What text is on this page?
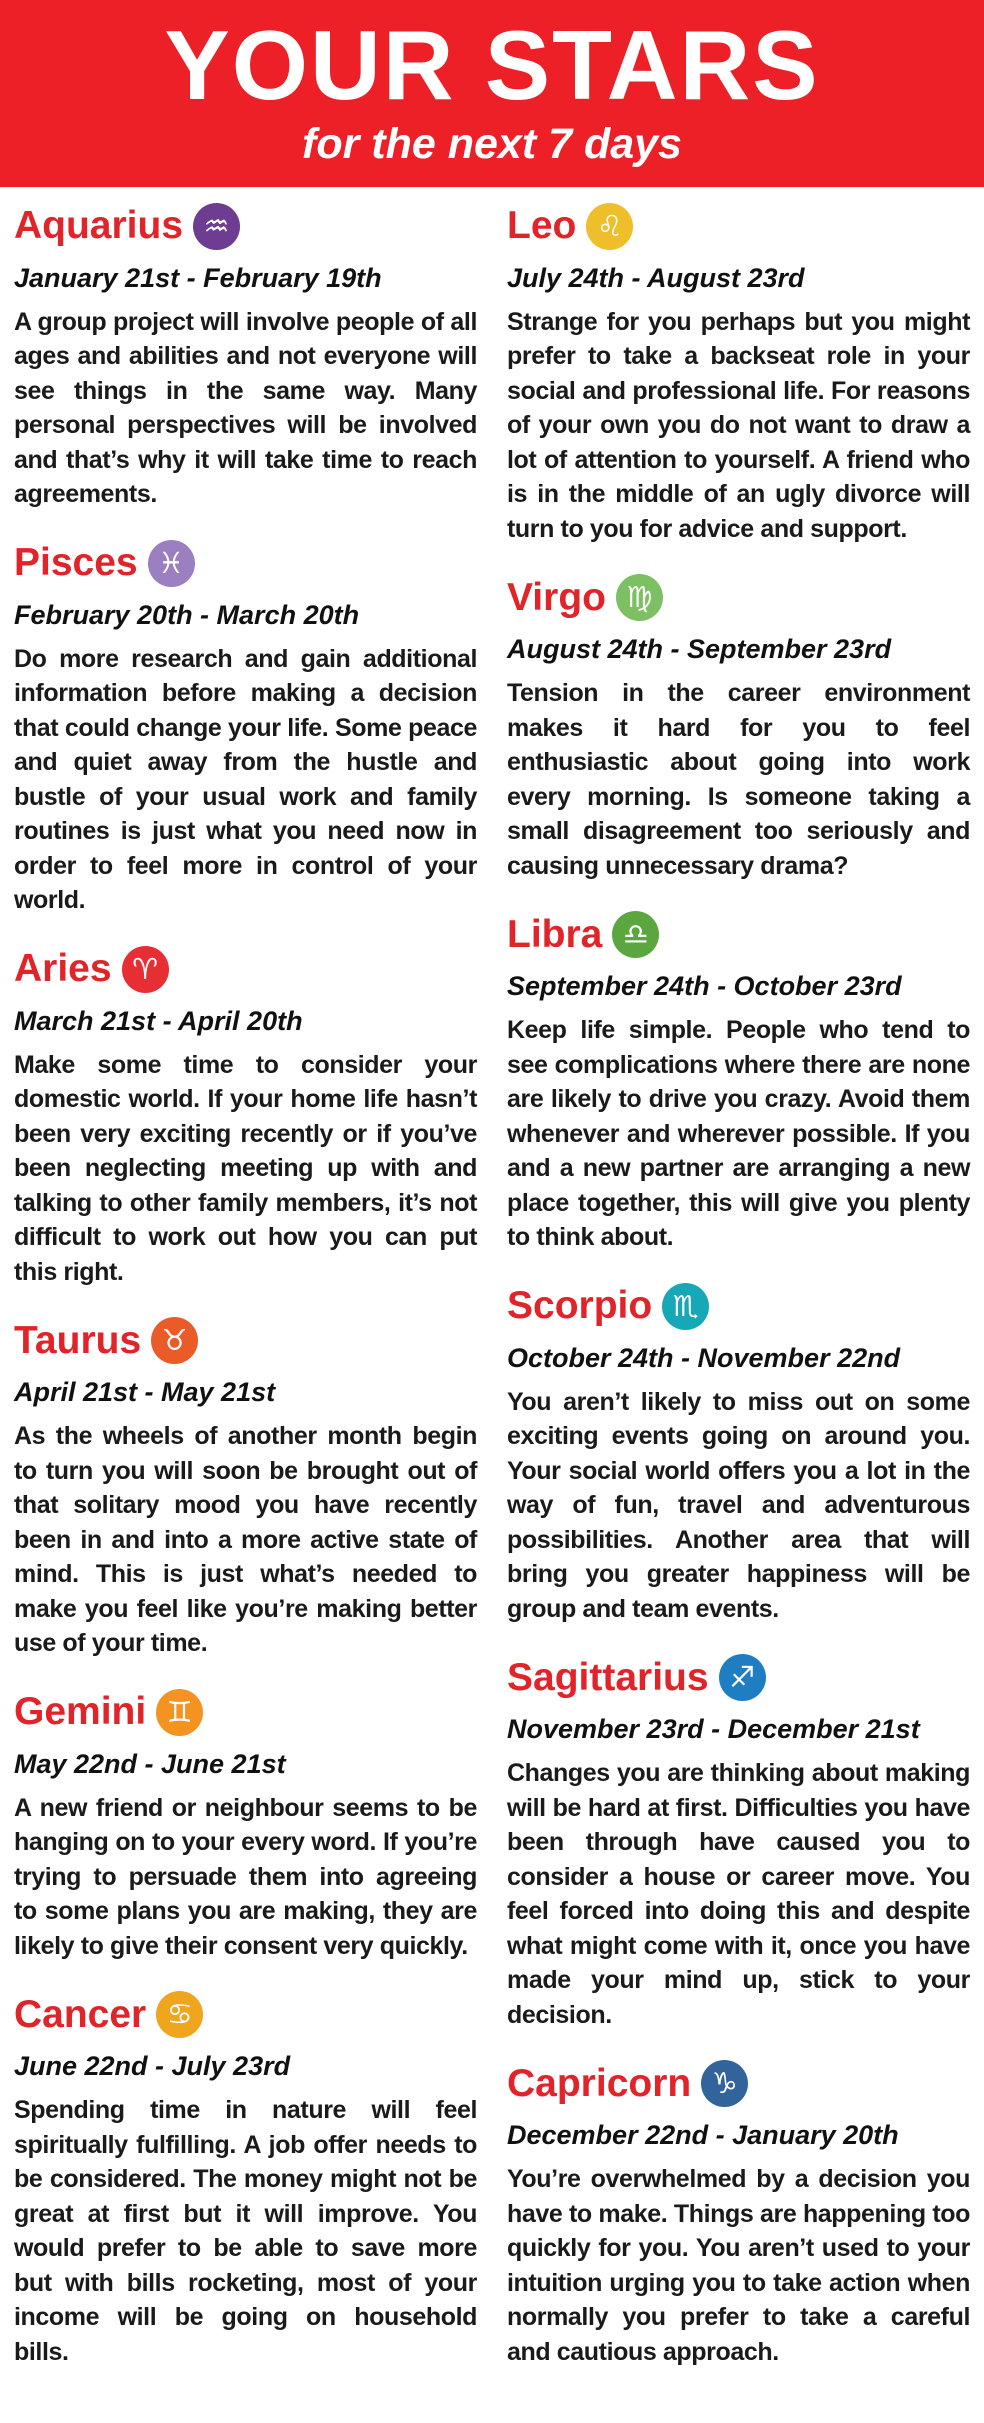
YOUR STARS
for the next 7 days
Aquarius ♒
January 21st - February 19th

A group project will involve people of all ages and abilities and not everyone will see things in the same way. Many personal perspectives will be involved and that’s why it will take time to reach agreements.

Pisces ♓
February 20th - March 20th

Do more research and gain additional information before making a decision that could change your life. Some peace and quiet away from the hustle and bustle of your usual work and family routines is just what you need now in order to feel more in control of your world.

Aries ♈
March 21st - April 20th

Make some time to consider your domestic world. If your home life hasn’t been very exciting recently or if you’ve been neglecting meeting up with and talking to other family members, it’s not difficult to work out how you can put this right.

Taurus ♉
April 21st - May 21st

As the wheels of another month begin to turn you will soon be brought out of that solitary mood you have recently been in and into a more active state of mind. This is just what’s needed to make you feel like you’re making better use of your time.

Gemini ♊
May 22nd - June 21st

A new friend or neighbour seems to be hanging on to your every word. If you’re trying to persuade them into agreeing to some plans you are making, they are likely to give their consent very quickly.

Cancer ♋
June 22nd - July 23rd

Spending time in nature will feel spiritually fulfilling. A job offer needs to be considered. The money might not be great at first but it will improve. You would prefer to be able to save more but with bills rocketing, most of your income will be going on household bills.

Leo ♌
July 24th - August 23rd

Strange for you perhaps but you might prefer to take a backseat role in your social and professional life. For reasons of your own you do not want to draw a lot of attention to yourself. A friend who is in the middle of an ugly divorce will turn to you for advice and support.

Virgo ♍
August 24th - September 23rd

Tension in the career environment makes it hard for you to feel enthusiastic about going into work every morning. Is someone taking a small disagreement too seriously and causing unnecessary drama?

Libra ♎
September 24th - October 23rd

Keep life simple. People who tend to see complications where there are none are likely to drive you crazy. Avoid them whenever and wherever possible. If you and a new partner are arranging a new place together, this will give you plenty to think about.

Scorpio ♏
October 24th - November 22nd

You aren’t likely to miss out on some exciting events going on around you. Your social world offers you a lot in the way of fun, travel and adventurous possibilities. Another area that will bring you greater happiness will be group and team events.

Sagittarius ♐
November 23rd - December 21st

Changes you are thinking about making will be hard at first. Difficulties you have been through have caused you to consider a house or career move. You feel forced into doing this and despite what might come with it, once you have made your mind up, stick to your decision.

Capricorn ♑
December 22nd - January 20th

You’re overwhelmed by a decision you have to make. Things are happening too quickly for you. You aren’t used to your intuition urging you to take action when normally you prefer to take a careful and cautious approach.
